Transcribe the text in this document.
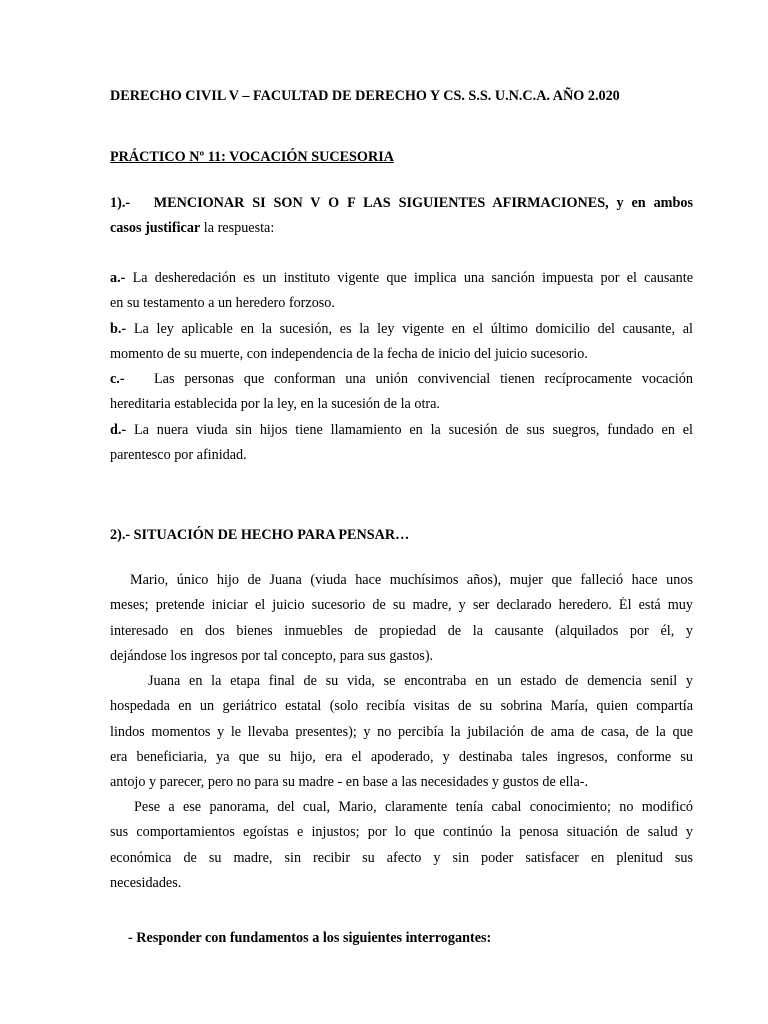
DERECHO CIVIL V – FACULTAD DE DERECHO Y CS. S.S. U.N.C.A. AÑO 2.020
PRÁCTICO Nº 11: VOCACIÓN SUCESORIA
1).- MENCIONAR SI SON V O F LAS SIGUIENTES AFIRMACIONES, y en ambos
casos justificar la respuesta:
a.- La desheredación es un instituto vigente que implica una sanción impuesta por el causante
en su testamento a un heredero forzoso.
b.- La ley aplicable en la sucesión, es la ley vigente en el último domicilio del causante, al
momento de su muerte, con independencia de la fecha de inicio del juicio sucesorio.
c.-   Las personas que conforman una unión convivencial tienen recíprocamente vocación
hereditaria establecida por la ley, en la sucesión de la otra.
d.- La nuera viuda sin hijos tiene llamamiento en la sucesión de sus suegros, fundado en el
parentesco por afinidad.
2).- SITUACIÓN DE HECHO PARA PENSAR…
Mario, único hijo de Juana (viuda hace muchísimos años), mujer que falleció hace unos
meses; pretende iniciar el juicio sucesorio de su madre, y ser declarado heredero. Él está muy
interesado en dos bienes inmuebles de propiedad de la causante (alquilados por él, y
dejándose los ingresos por tal concepto, para sus gastos).
Juana en la etapa final de su vida, se encontraba en un estado de demencia senil y
hospedada en un geriátrico estatal (solo recibía visitas de su sobrina María, quien compartía
lindos momentos y le llevaba presentes); y no percibía la jubilación de ama de casa, de la que
era beneficiaria, ya que su hijo, era el apoderado, y destinaba tales ingresos, conforme su
antojo y parecer, pero no para su madre - en base a las necesidades y gustos de ella-.
Pese a ese panorama, del cual, Mario, claramente tenía cabal conocimiento; no modificó
sus comportamientos egoístas e injustos; por lo que continúo la penosa situación de salud y
económica de su madre, sin recibir su afecto y sin poder satisfacer en plenitud sus
necesidades.
- Responder con fundamentos a los siguientes interrogantes:
